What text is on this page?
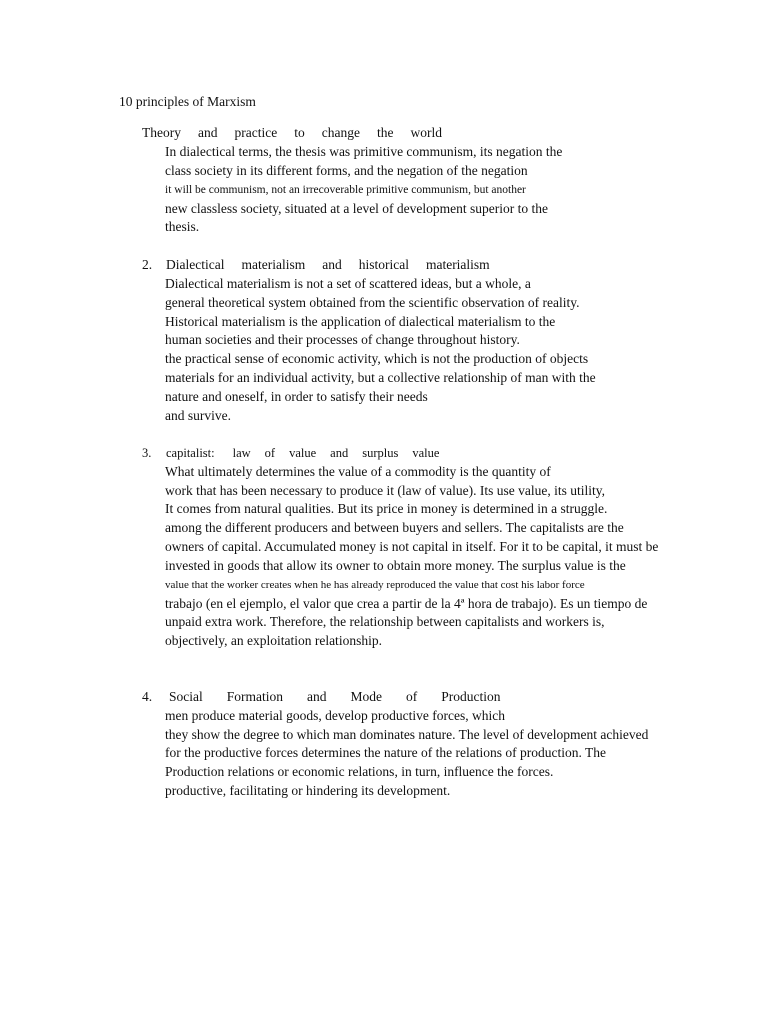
10 principles of Marxism
Theory and practice to change the world
In dialectical terms, the thesis was primitive communism, its negation the
class society in its different forms, and the negation of the negation
it will be communism, not an irrecoverable primitive communism, but another
new classless society, situated at a level of development superior to the
thesis.
2. Dialectical materialism and historical materialism
Dialectical materialism is not a set of scattered ideas, but a whole, a
general theoretical system obtained from the scientific observation of reality.
Historical materialism is the application of dialectical materialism to the
human societies and their processes of change throughout history.
the practical sense of economic activity, which is not the production of objects
materials for an individual activity, but a collective relationship of man with the
nature and oneself, in order to satisfy their needs
and survive.
3. capitalist: law of value and surplus value
What ultimately determines the value of a commodity is the quantity of
work that has been necessary to produce it (law of value). Its use value, its utility,
It comes from natural qualities. But its price in money is determined in a struggle.
among the different producers and between buyers and sellers. The capitalists are the
owners of capital. Accumulated money is not capital in itself. For it to be capital, it must be
invested in goods that allow its owner to obtain more money. The surplus value is the
value that the worker creates when he has already reproduced the value that cost his labor force
trabajo (en el ejemplo, el valor que crea a partir de la 4ª hora de trabajo). Es un tiempo de
unpaid extra work. Therefore, the relationship between capitalists and workers is,
objectively, an exploitation relationship.
4. Social Formation and Mode of Production
men produce material goods, develop productive forces, which
they show the degree to which man dominates nature. The level of development achieved
for the productive forces determines the nature of the relations of production. The
Production relations or economic relations, in turn, influence the forces.
productive, facilitating or hindering its development.
